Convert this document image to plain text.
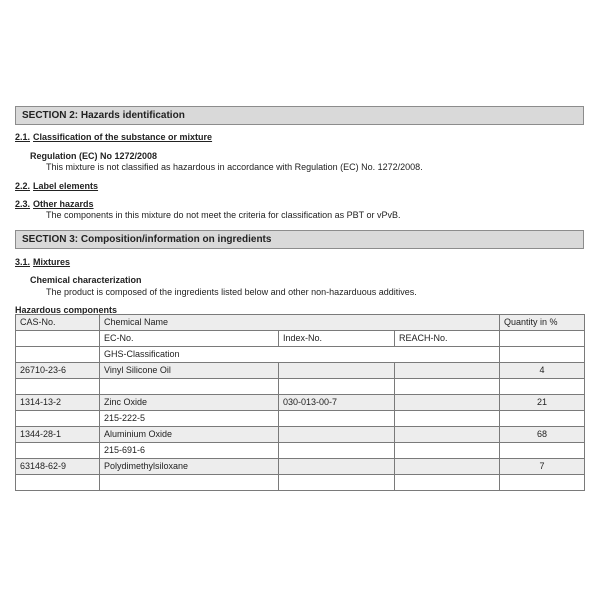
SECTION 2: Hazards identification
2.1. Classification of the substance or mixture
Regulation (EC) No 1272/2008
This mixture is not classified as hazardous in accordance with Regulation (EC) No. 1272/2008.
2.2. Label elements
2.3. Other hazards
The components in this mixture do not meet the criteria for classification as PBT or vPvB.
SECTION 3: Composition/information on ingredients
3.1. Mixtures
Chemical characterization
The product is composed of the ingredients listed below and other non-hazarduous additives.
Hazardous components
CAS-No.	Chemical Name			Quantity in %
	EC-No.	Index-No.	REACH-No.	
	GHS-Classification			
26710-23-6	Vinyl Silicone Oil			4

1314-13-2	Zinc Oxide	030-013-00-7		21
	215-222-5			
1344-28-1	Aluminium Oxide			68
	215-691-6			
63148-62-9	Polydimethylsiloxane			7
